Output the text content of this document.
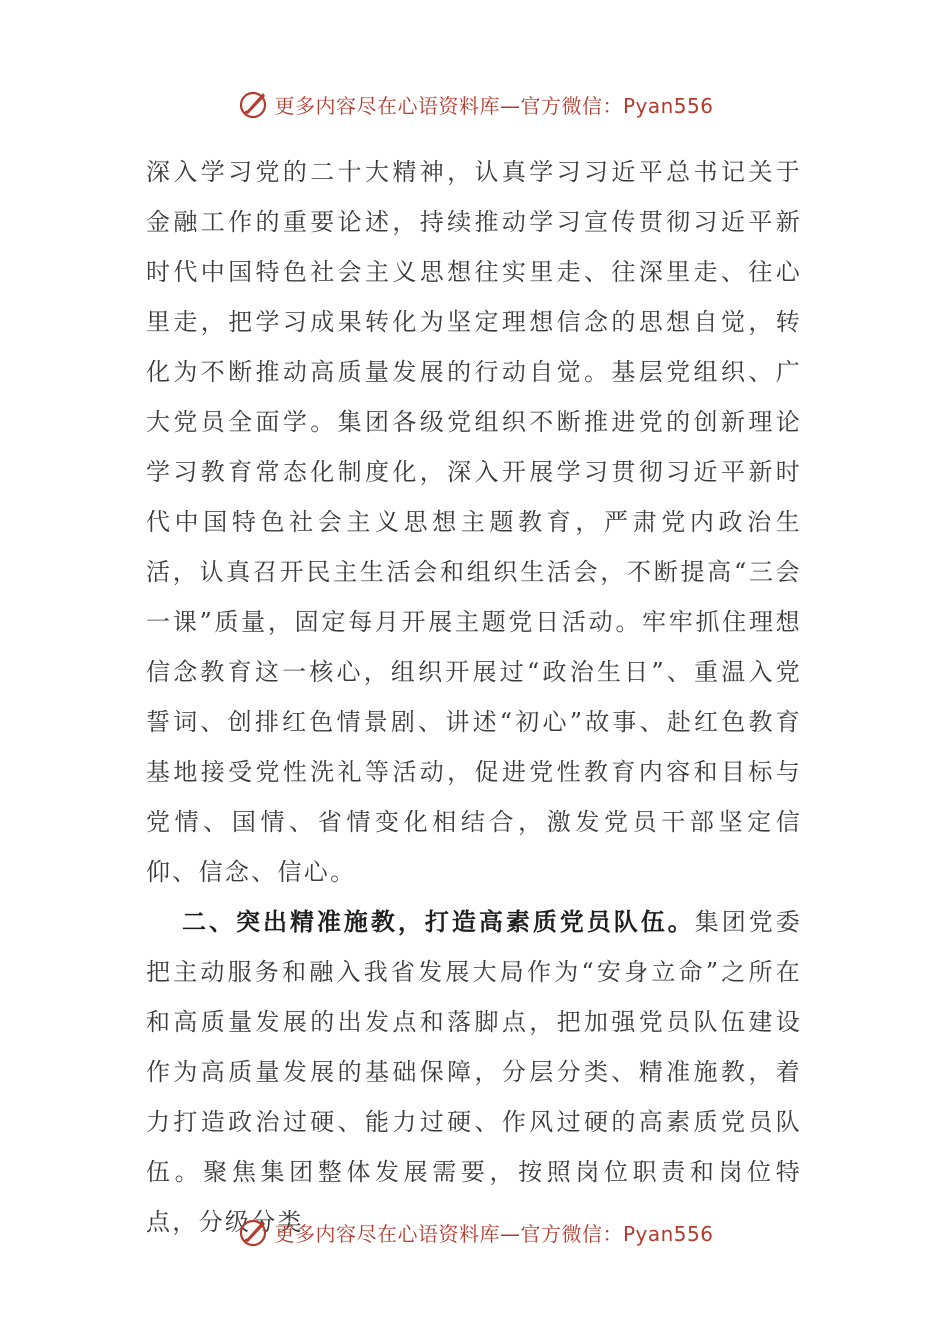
更多内容尽在心语资料库—官方微信：Pyan556

深入学习党的二十大精神，认真学习习近平总书记关于金融工作的重要论述，持续推动学习宣传贯彻习近平新时代中国特色社会主义思想往实里走、往深里走、往心里走，把学习成果转化为坚定理想信念的思想自觉，转化为不断推动高质量发展的行动自觉。基层党组织、广大党员全面学。集团各级党组织不断推进党的创新理论学习教育常态化制度化，深入开展学习贯彻习近平新时代中国特色社会主义思想主题教育，严肃党内政治生活，认真召开民主生活会和组织生活会，不断提高“三会一课”质量，固定每月开展主题党日活动。牢牢抓住理想信念教育这一核心，组织开展过“政治生日”、重温入党誓词、创排红色情景剧、讲述“初心”故事、赴红色教育基地接受党性洗礼等活动，促进党性教育内容和目标与党情、国情、省情变化相结合，激发党员干部坚定信仰、信念、信心。

二、突出精准施教，打造高素质党员队伍。集团党委把主动服务和融入我省发展大局作为“安身立命”之所在和高质量发展的出发点和落脚点，把加强党员队伍建设作为高质量发展的基础保障，分层分类、精准施教，着力打造政治过硬、能力过硬、作风过硬的高素质党员队伍。聚焦集团整体发展需要，按照岗位职责和岗位特点，分级分类

更多内容尽在心语资料库—官方微信：Pyan556
